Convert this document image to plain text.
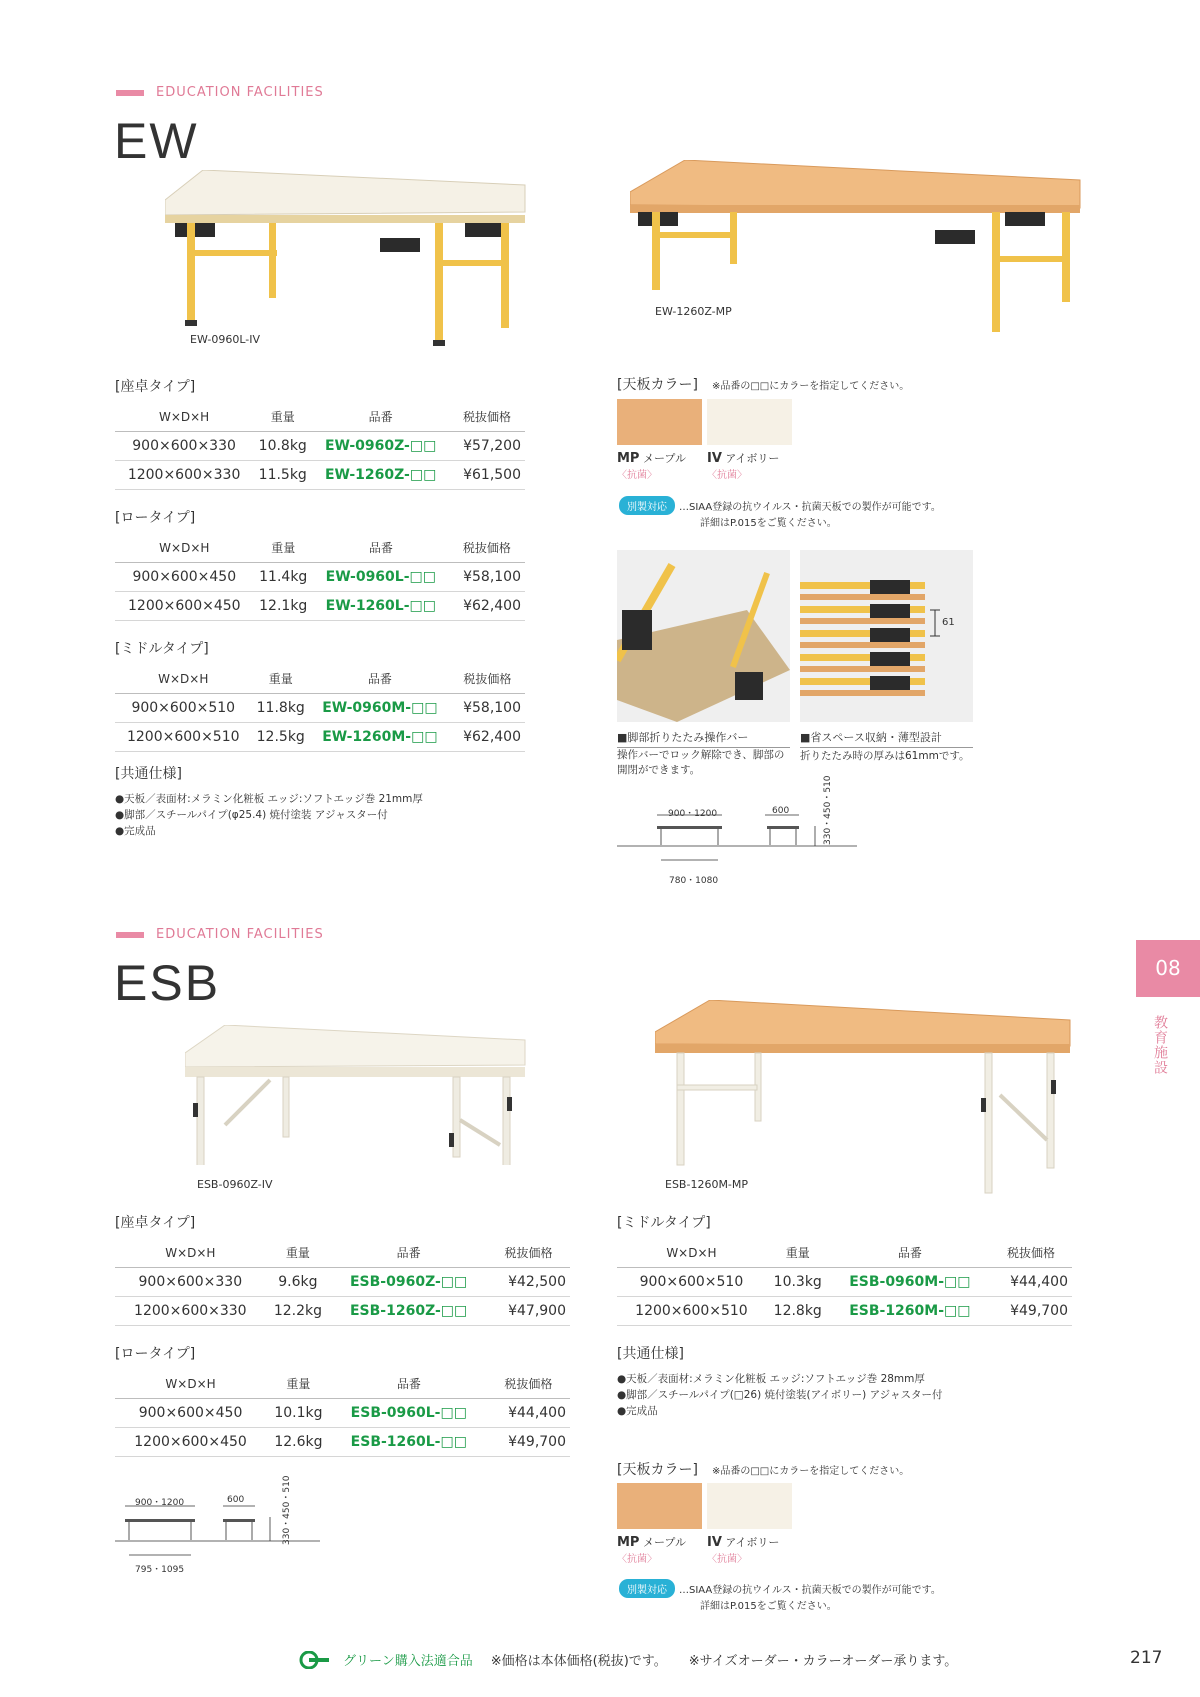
EDUCATION FACILITIES
EW
EW-0960L-IV
EW-1260Z-MP
[座卓タイプ]
W×D×H	重量	品番	税抜価格
900×600×330	10.8kg	EW-0960Z-□□	¥57,200
1200×600×330	11.5kg	EW-1260Z-□□	¥61,500
[ロータイプ]
W×D×H	重量	品番	税抜価格
900×600×450	11.4kg	EW-0960L-□□	¥58,100
1200×600×450	12.1kg	EW-1260L-□□	¥62,400
[ミドルタイプ]
W×D×H	重量	品番	税抜価格
900×600×510	11.8kg	EW-0960M-□□	¥58,100
1200×600×510	12.5kg	EW-1260M-□□	¥62,400
[共通仕様]
●天板／表面材:メラミン化粧板 エッジ:ソフトエッジ巻 21mm厚
●脚部／スチールパイプ(φ25.4) 焼付塗装 アジャスター付
●完成品
[天板カラー] ※品番の□□にカラーを指定してください。
MP メープル
〈抗菌〉
IV アイボリー
〈抗菌〉
別製対応	…SIAA登録の抗ウイルス・抗菌天板での製作が可能です。
詳細はP.015をご覧ください。
61
■脚部折りたたみ操作バー
操作バーでロック解除でき、脚部の
開閉ができます。
■省スペース収納・薄型設計
折りたたみ時の厚みは61mmです。
900・1200	600
780・1080
330・450・510
EDUCATION FACILITIES
ESB
ESB-0960Z-IV	ESB-1260M-MP
[座卓タイプ]
W×D×H	重量	品番	税抜価格
900×600×330	9.6kg	ESB-0960Z-□□	¥42,500
1200×600×330	12.2kg	ESB-1260Z-□□	¥47,900
[ロータイプ]
W×D×H	重量	品番	税抜価格
900×600×450	10.1kg	ESB-0960L-□□	¥44,400
1200×600×450	12.6kg	ESB-1260L-□□	¥49,700
[ミドルタイプ]
W×D×H	重量	品番	税抜価格
900×600×510	10.3kg	ESB-0960M-□□	¥44,400
1200×600×510	12.8kg	ESB-1260M-□□	¥49,700
[共通仕様]
●天板／表面材:メラミン化粧板 エッジ:ソフトエッジ巻 28mm厚
●脚部／スチールパイプ(□26) 焼付塗装(アイボリー) アジャスター付
●完成品
[天板カラー] ※品番の□□にカラーを指定してください。
MP メープル
〈抗菌〉
IV アイボリー
〈抗菌〉
別製対応	…SIAA登録の抗ウイルス・抗菌天板での製作が可能です。
詳細はP.015をご覧ください。
900・1200	600
795・1095
330・450・510
08
教育施設
グリーン購入法適合品 ※価格は本体価格(税抜)です。 ※サイズオーダー・カラーオーダー承ります。	217
